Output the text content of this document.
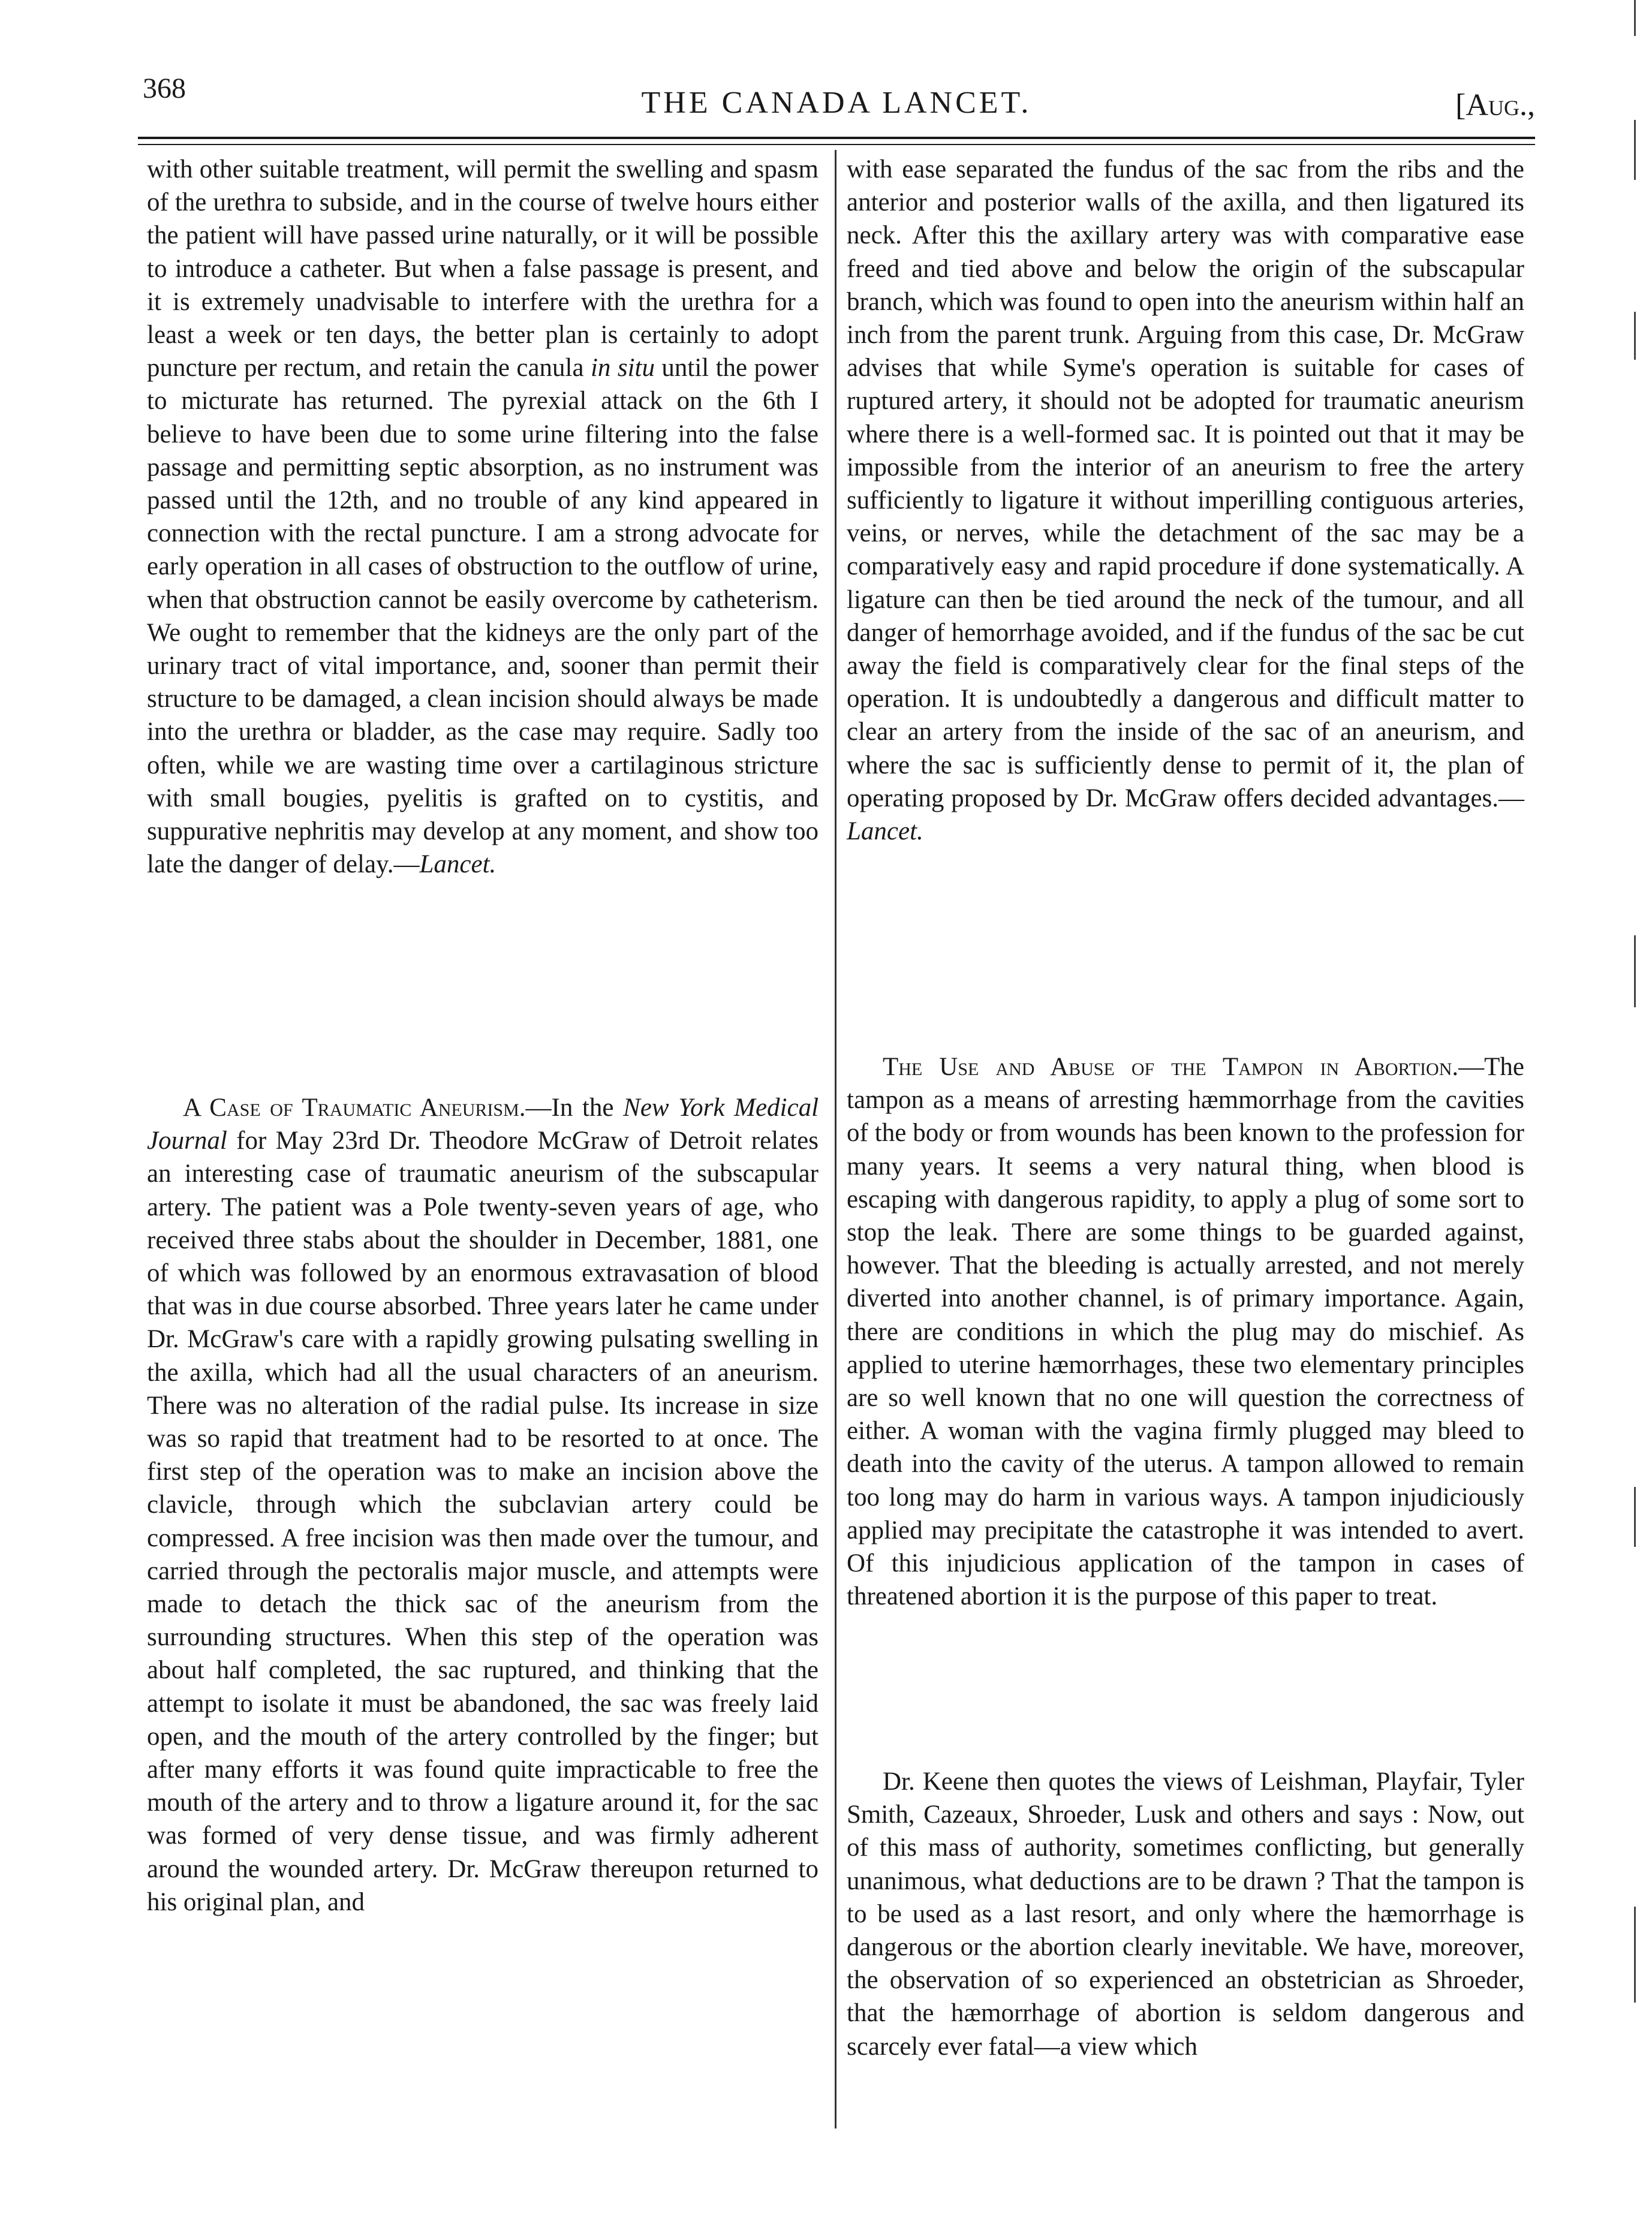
368	THE CANADA LANCET.	[Aug.,

with other suitable treatment, will permit the swelling and spasm of the urethra to subside, and in the course of twelve hours either the patient will have passed urine naturally, or it will be possible to introduce a catheter. But when a false passage is present, and it is extremely unadvisable to interfere with the urethra for a least a week or ten days, the better plan is certainly to adopt puncture per rectum, and retain the canula in situ until the power to micturate has returned. The pyrexial attack on the 6th I believe to have been due to some urine filtering into the false passage and permitting septic absorption, as no instrument was passed until the 12th, and no trouble of any kind appeared in connection with the rectal puncture. I am a strong advocate for early operation in all cases of obstruction to the outflow of urine, when that obstruction cannot be easily overcome by catheterism. We ought to remember that the kidneys are the only part of the urinary tract of vital importance, and, sooner than permit their structure to be damaged, a clean incision should always be made into the urethra or bladder, as the case may require. Sadly too often, while we are wasting time over a cartilaginous stricture with small bougies, pyelitis is grafted on to cystitis, and suppurative nephritis may develop at any moment, and show too late the danger of delay.—Lancet.

A Case of Traumatic Aneurism.—In the New York Medical Journal for May 23rd Dr. Theodore McGraw of Detroit relates an interesting case of traumatic aneurism of the subscapular artery. The patient was a Pole twenty-seven years of age, who received three stabs about the shoulder in December, 1881, one of which was followed by an enormous extravasation of blood that was in due course absorbed. Three years later he came under Dr. McGraw's care with a rapidly growing pulsating swelling in the axilla, which had all the usual characters of an aneurism. There was no alteration of the radial pulse. Its increase in size was so rapid that treatment had to be resorted to at once. The first step of the operation was to make an incision above the clavicle, through which the subclavian artery could be compressed. A free incision was then made over the tumour, and carried through the pectoralis major muscle, and attempts were made to detach the thick sac of the aneurism from the surrounding structures. When this step of the operation was about half completed, the sac ruptured, and thinking that the attempt to isolate it must be abandoned, the sac was freely laid open, and the mouth of the artery controlled by the finger; but after many efforts it was found quite impracticable to free the mouth of the artery and to throw a ligature around it, for the sac was formed of very dense tissue, and was firmly adherent around the wounded artery. Dr. McGraw thereupon returned to his original plan, and

with ease separated the fundus of the sac from the ribs and the anterior and posterior walls of the axilla, and then ligatured its neck. After this the axillary artery was with comparative ease freed and tied above and below the origin of the subscapular branch, which was found to open into the aneurism within half an inch from the parent trunk. Arguing from this case, Dr. McGraw advises that while Syme's operation is suitable for cases of ruptured artery, it should not be adopted for traumatic aneurism where there is a well-formed sac. It is pointed out that it may be impossible from the interior of an aneurism to free the artery sufficiently to ligature it without imperilling contiguous arteries, veins, or nerves, while the detachment of the sac may be a comparatively easy and rapid procedure if done systematically. A ligature can then be tied around the neck of the tumour, and all danger of hemorrhage avoided, and if the fundus of the sac be cut away the field is comparatively clear for the final steps of the operation. It is undoubtedly a dangerous and difficult matter to clear an artery from the inside of the sac of an aneurism, and where the sac is sufficiently dense to permit of it, the plan of operating proposed by Dr. McGraw offers decided advantages.—Lancet.

The Use and Abuse of the Tampon in Abortion.—The tampon as a means of arresting hæmmorrhage from the cavities of the body or from wounds has been known to the profession for many years. It seems a very natural thing, when blood is escaping with dangerous rapidity, to apply a plug of some sort to stop the leak. There are some things to be guarded against, however. That the bleeding is actually arrested, and not merely diverted into another channel, is of primary importance. Again, there are conditions in which the plug may do mischief. As applied to uterine hæmorrhages, these two elementary principles are so well known that no one will question the correctness of either. A woman with the vagina firmly plugged may bleed to death into the cavity of the uterus. A tampon allowed to remain too long may do harm in various ways. A tampon injudiciously applied may precipitate the catastrophe it was intended to avert. Of this injudicious application of the tampon in cases of threatened abortion it is the purpose of this paper to treat.

Dr. Keene then quotes the views of Leishman, Playfair, Tyler Smith, Cazeaux, Shroeder, Lusk and others and says : Now, out of this mass of authority, sometimes conflicting, but generally unanimous, what deductions are to be drawn ? That the tampon is to be used as a last resort, and only where the hæmorrhage is dangerous or the abortion clearly inevitable. We have, moreover, the observation of so experienced an obstetrician as Shroeder, that the hæmorrhage of abortion is seldom dangerous and scarcely ever fatal—a view which
